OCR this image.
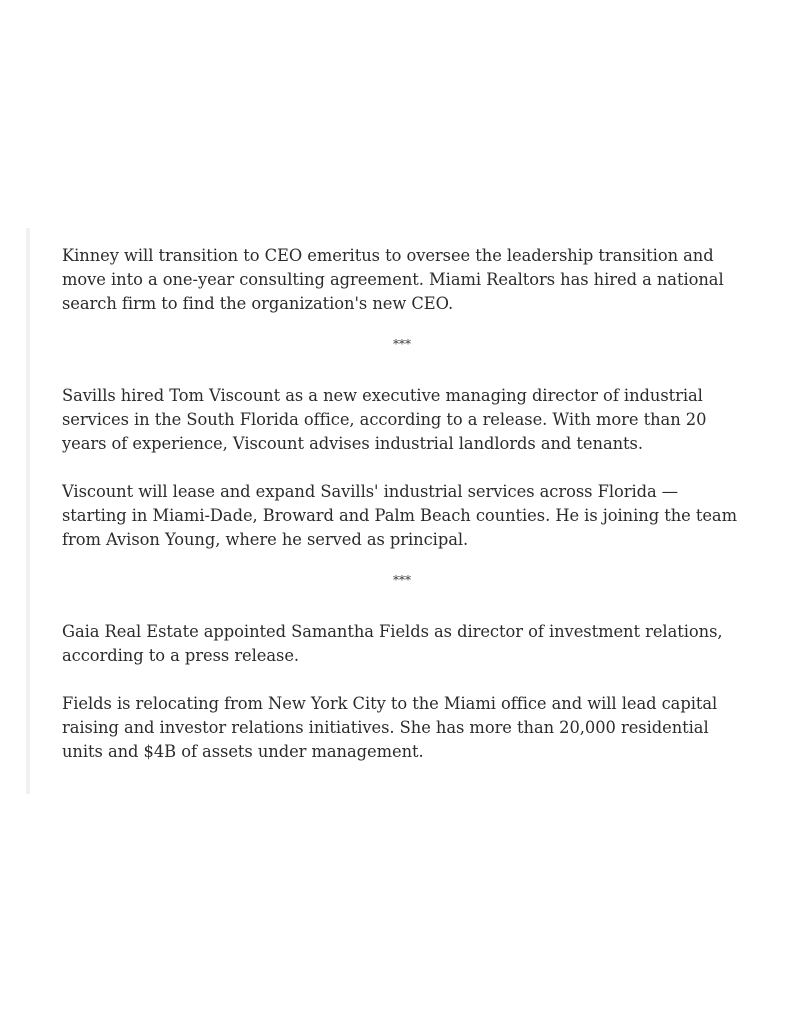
Kinney will transition to CEO emeritus to oversee the leadership transition and move into a one-year consulting agreement. Miami Realtors has hired a national search firm to find the organization's new CEO.

***

Savills hired Tom Viscount as a new executive managing director of industrial services in the South Florida office, according to a release. With more than 20 years of experience, Viscount advises industrial landlords and tenants.

Viscount will lease and expand Savills' industrial services across Florida — starting in Miami-Dade, Broward and Palm Beach counties. He is joining the team from Avison Young, where he served as principal.

***

Gaia Real Estate appointed Samantha Fields as director of investment relations, according to a press release.

Fields is relocating from New York City to the Miami office and will lead capital raising and investor relations initiatives. She has more than 20,000 residential units and $4B of assets under management.
